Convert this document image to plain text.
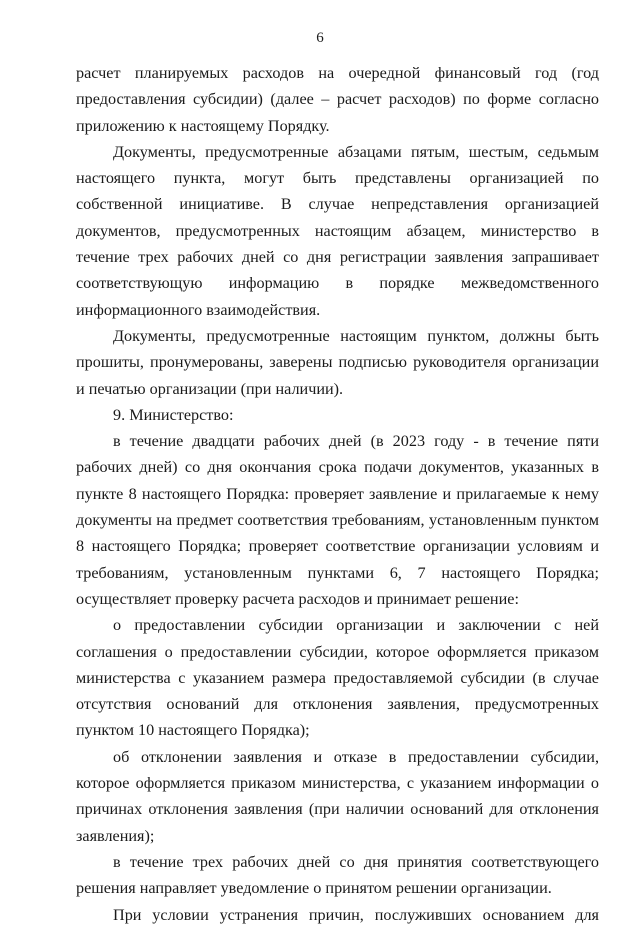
6

расчет планируемых расходов на очередной финансовый год (год предоставления субсидии) (далее – расчет расходов) по форме согласно приложению к настоящему Порядку.

Документы, предусмотренные абзацами пятым, шестым, седьмым настоящего пункта, могут быть представлены организацией по собственной инициативе. В случае непредставления организацией документов, предусмотренных настоящим абзацем, министерство в течение трех рабочих дней со дня регистрации заявления запрашивает соответствующую информацию в порядке межведомственного информационного взаимодействия.

Документы, предусмотренные настоящим пунктом, должны быть прошиты, пронумерованы, заверены подписью руководителя организации и печатью организации (при наличии).

9. Министерство:

в течение двадцати рабочих дней (в 2023 году - в течение пяти рабочих дней) со дня окончания срока подачи документов, указанных в пункте 8 настоящего Порядка: проверяет заявление и прилагаемые к нему документы на предмет соответствия требованиям, установленным пунктом 8 настоящего Порядка; проверяет соответствие организации условиям и требованиям, установленным пунктами 6, 7 настоящего Порядка; осуществляет проверку расчета расходов и принимает решение:

о предоставлении субсидии организации и заключении с ней соглашения о предоставлении субсидии, которое оформляется приказом министерства с указанием размера предоставляемой субсидии (в случае отсутствия оснований для отклонения заявления, предусмотренных пунктом 10 настоящего Порядка);

об отклонении заявления и отказе в предоставлении субсидии, которое оформляется приказом министерства, с указанием информации о причинах отклонения заявления (при наличии оснований для отклонения заявления);

в течение трех рабочих дней со дня принятия соответствующего решения направляет уведомление о принятом решении организации.

При условии устранения причин, послуживших основанием для
